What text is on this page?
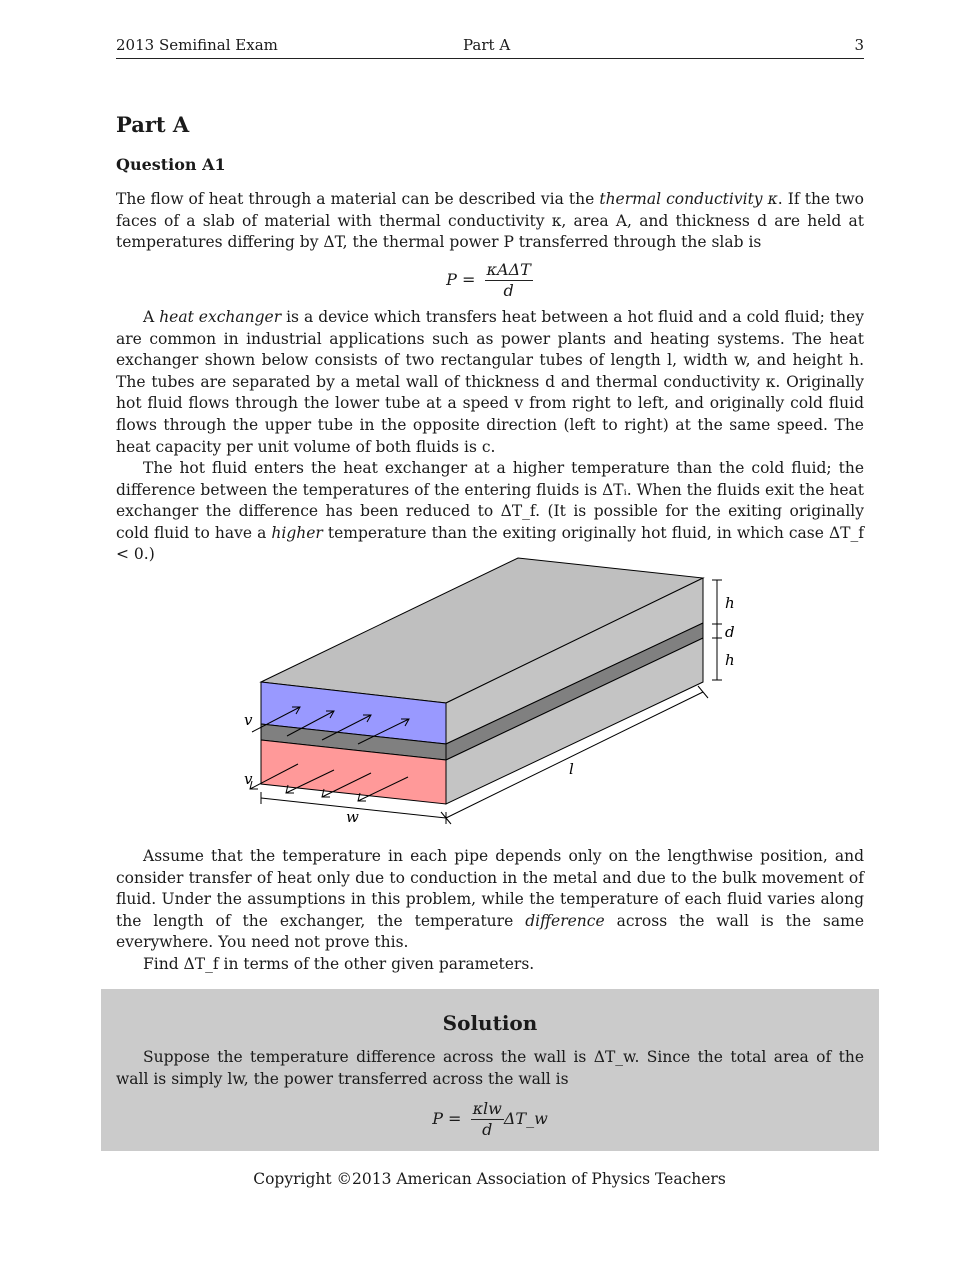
2013 Semifinal Exam	Part A	3
Part A
Question A1

The flow of heat through a material can be described via the thermal conductivity κ. If the two faces of a slab of material with thermal conductivity κ, area A, and thickness d are held at temperatures differing by ΔT, the thermal power P transferred through the slab is

$P = \frac{\text{κAΔT}}{d}$

A heat exchanger is a device which transfers heat between a hot fluid and a cold fluid; they are common in industrial applications such as power plants and heating systems. The heat exchanger shown below consists of two rectangular tubes of length l, width w, and height h. The tubes are separated by a metal wall of thickness d and thermal conductivity κ. Originally hot fluid flows through the lower tube at a speed v from right to left, and originally cold fluid flows through the upper tube in the opposite direction (left to right) at the same speed. The heat capacity per unit volume of both fluids is c.

The hot fluid enters the heat exchanger at a higher temperature than the cold fluid; the difference between the temperatures of the entering fluids is ΔTᵢ. When the fluids exit the heat exchanger the difference has been reduced to ΔT_f. (It is possible for the exiting originally cold fluid to have a higher temperature than the exiting originally hot fluid, in which case ΔT_f < 0.)

h
d
h
v
v
l
w

Assume that the temperature in each pipe depends only on the lengthwise position, and consider transfer of heat only due to conduction in the metal and due to the bulk movement of fluid. Under the assumptions in this problem, while the temperature of each fluid varies along the length of the exchanger, the temperature difference across the wall is the same everywhere. You need not prove this.

Find ΔT_f in terms of the other given parameters.

Solution

Suppose the temperature difference across the wall is ΔT_w. Since the total area of the wall is simply lw, the power transferred across the wall is

$P = \frac{\text{κlw}}{d}$ ΔT_w
Copyright ©2013 American Association of Physics Teachers
